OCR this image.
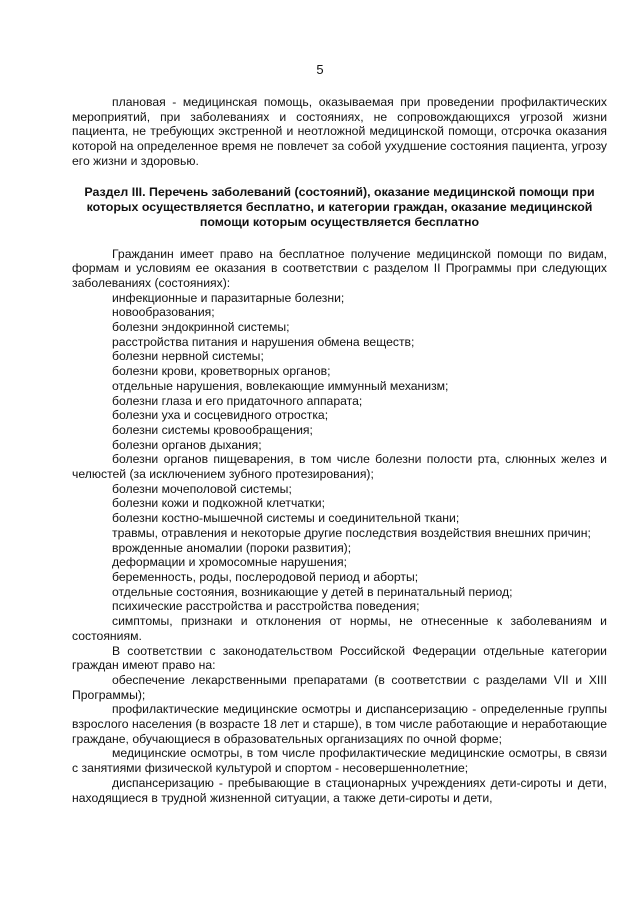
5

плановая - медицинская помощь, оказываемая при проведении профилактических мероприятий, при заболеваниях и состояниях, не сопровождающихся угрозой жизни пациента, не требующих экстренной и неотложной медицинской помощи, отсрочка оказания которой на определенное время не повлечет за собой ухудшение состояния пациента, угрозу его жизни и здоровью.

Раздел III. Перечень заболеваний (состояний), оказание медицинской помощи при которых осуществляется бесплатно, и категории граждан, оказание медицинской помощи которым осуществляется бесплатно

Гражданин имеет право на бесплатное получение медицинской помощи по видам, формам и условиям ее оказания в соответствии с разделом II Программы при следующих заболеваниях (состояниях):

инфекционные и паразитарные болезни;

новообразования;

болезни эндокринной системы;

расстройства питания и нарушения обмена веществ;

болезни нервной системы;

болезни крови, кроветворных органов;

отдельные нарушения, вовлекающие иммунный механизм;

болезни глаза и его придаточного аппарата;

болезни уха и сосцевидного отростка;

болезни системы кровообращения;

болезни органов дыхания;

болезни органов пищеварения, в том числе болезни полости рта, слюнных желез и челюстей (за исключением зубного протезирования);

болезни мочеполовой системы;

болезни кожи и подкожной клетчатки;

болезни костно-мышечной системы и соединительной ткани;

травмы, отравления и некоторые другие последствия воздействия внешних причин;

врожденные аномалии (пороки развития);

деформации и хромосомные нарушения;

беременность, роды, послеродовой период и аборты;

отдельные состояния, возникающие у детей в перинатальный период;

психические расстройства и расстройства поведения;

симптомы, признаки и отклонения от нормы, не отнесенные к заболеваниям и состояниям.

В соответствии с законодательством Российской Федерации отдельные категории граждан имеют право на:

обеспечение лекарственными препаратами (в соответствии с разделами VII и XIII Программы);

профилактические медицинские осмотры и диспансеризацию - определенные группы взрослого населения (в возрасте 18 лет и старше), в том числе работающие и неработающие граждане, обучающиеся в образовательных организациях по очной форме;

медицинские осмотры, в том числе профилактические медицинские осмотры, в связи с занятиями физической культурой и спортом - несовершеннолетние;

диспансеризацию - пребывающие в стационарных учреждениях дети-сироты и дети, находящиеся в трудной жизненной ситуации, а также дети-сироты и дети,
